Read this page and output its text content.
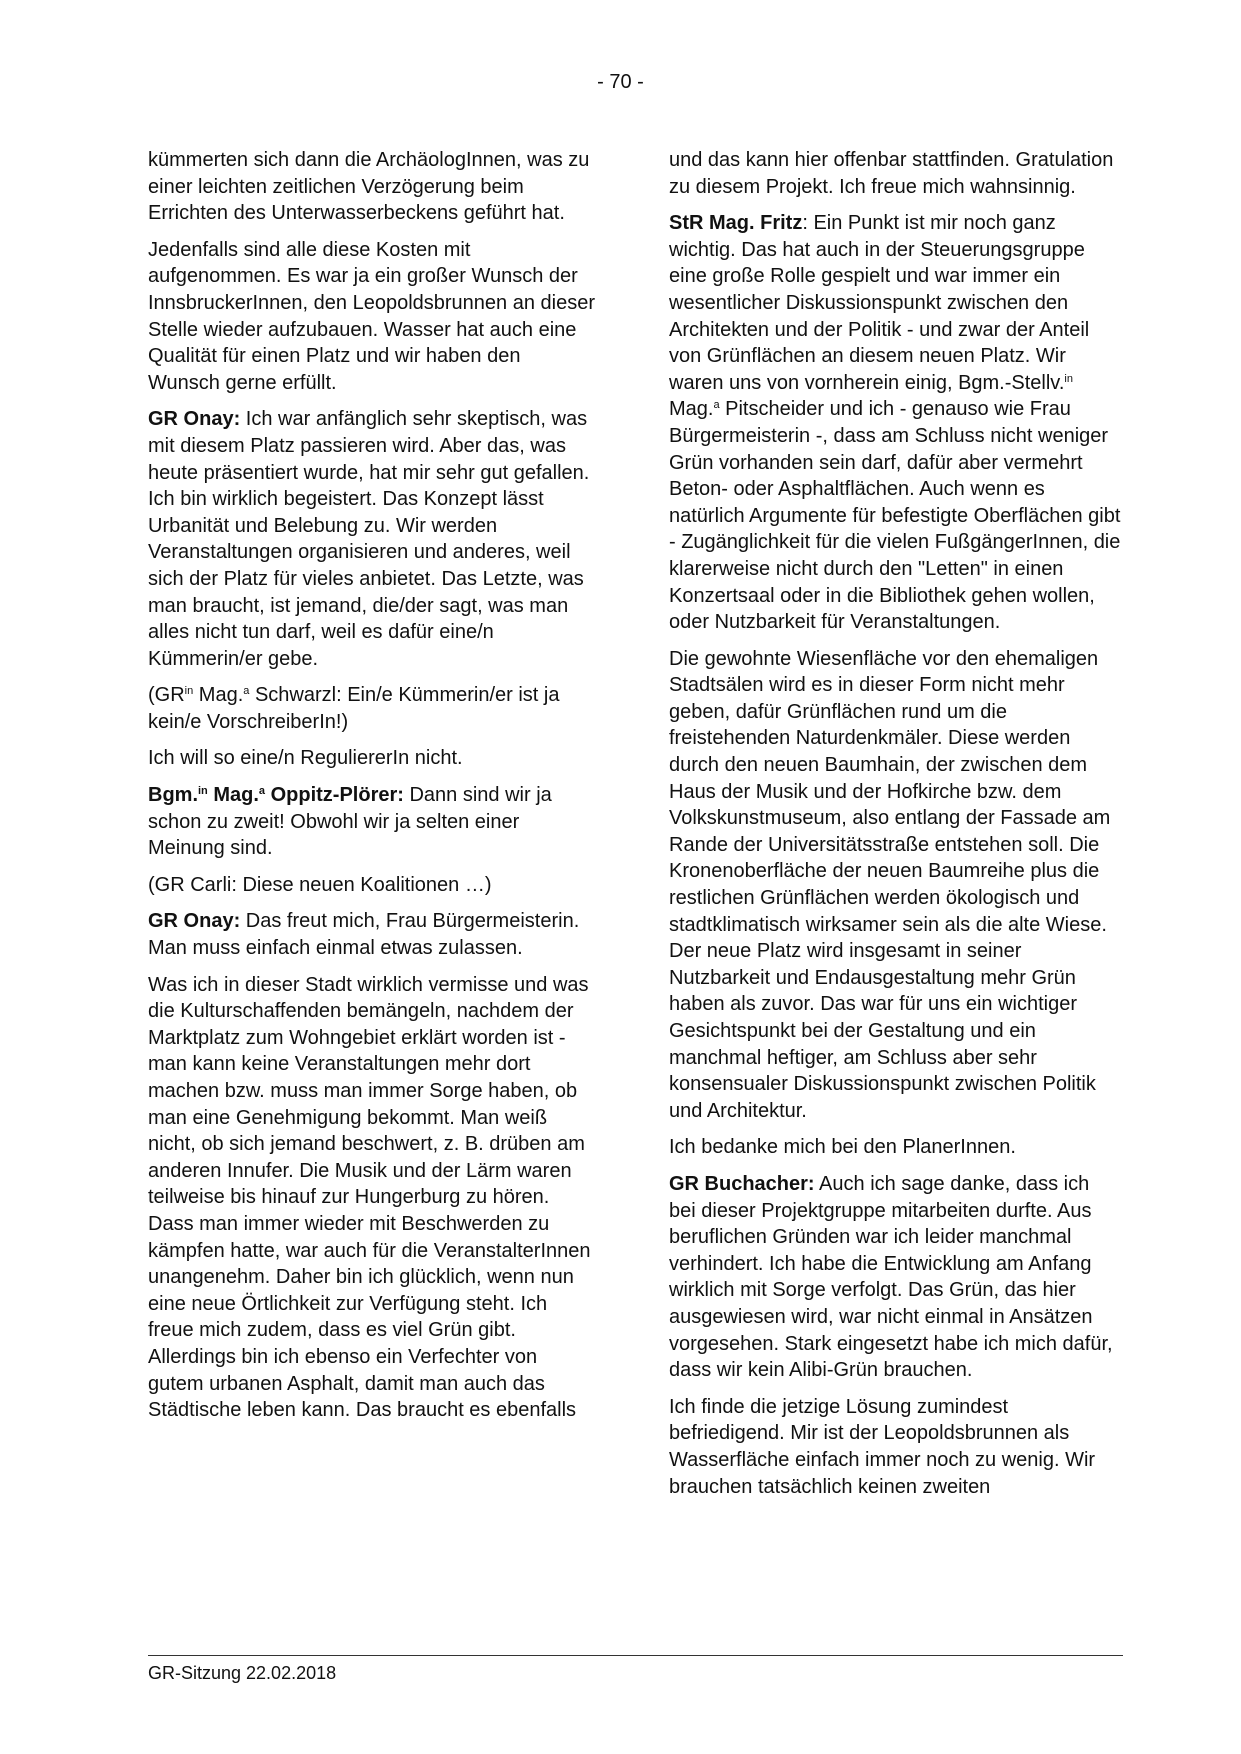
- 70 -

kümmerten sich dann die ArchäologInnen, was zu einer leichten zeitlichen Verzögerung beim Errichten des Unterwasserbeckens geführt hat.

Jedenfalls sind alle diese Kosten mit aufgenommen. Es war ja ein großer Wunsch der InnsbruckerInnen, den Leopoldsbrunnen an dieser Stelle wieder aufzubauen. Wasser hat auch eine Qualität für einen Platz und wir haben den Wunsch gerne erfüllt.

GR Onay: Ich war anfänglich sehr skeptisch, was mit diesem Platz passieren wird. Aber das, was heute präsentiert wurde, hat mir sehr gut gefallen. Ich bin wirklich begeistert. Das Konzept lässt Urbanität und Belebung zu. Wir werden Veranstaltungen organisieren und anderes, weil sich der Platz für vieles anbietet. Das Letzte, was man braucht, ist jemand, die/der sagt, was man alles nicht tun darf, weil es dafür eine/n Kümmerin/er gebe.

($GR^{in}$ Mag.$^a$ Schwarzl: Ein/e Kümmerin/er ist ja kein/e VorschreiberIn!)

Ich will so eine/n ReguliererIn nicht.

Bgm.$^{in}$ Mag.$^a$ Oppitz-Plörer: Dann sind wir ja schon zu zweit! Obwohl wir ja selten einer Meinung sind.

(GR Carli: Diese neuen Koalitionen …)

GR Onay: Das freut mich, Frau Bürgermeisterin. Man muss einfach einmal etwas zulassen.

Was ich in dieser Stadt wirklich vermisse und was die Kulturschaffenden bemängeln, nachdem der Marktplatz zum Wohngebiet erklärt worden ist - man kann keine Veranstaltungen mehr dort machen bzw. muss man immer Sorge haben, ob man eine Genehmigung bekommt. Man weiß nicht, ob sich jemand beschwert, z. B. drüben am anderen Innufer. Die Musik und der Lärm waren teilweise bis hinauf zur Hungerburg zu hören. Dass man immer wieder mit Beschwerden zu kämpfen hatte, war auch für die VeranstalterInnen unangenehm. Daher bin ich glücklich, wenn nun eine neue Örtlichkeit zur Verfügung steht. Ich freue mich zudem, dass es viel Grün gibt. Allerdings bin ich ebenso ein Verfechter von gutem urbanen Asphalt, damit man auch das Städtische leben kann. Das braucht es ebenfalls

und das kann hier offenbar stattfinden. Gratulation zu diesem Projekt. Ich freue mich wahnsinnig.

StR Mag. Fritz: Ein Punkt ist mir noch ganz wichtig. Das hat auch in der Steuerungsgruppe eine große Rolle gespielt und war immer ein wesentlicher Diskussionspunkt zwischen den Architekten und der Politik - und zwar der Anteil von Grünflächen an diesem neuen Platz. Wir waren uns von vornherein einig, Bgm.-Stellv.$^{in}$ Mag.$^a$ Pitscheider und ich - genauso wie Frau Bürgermeisterin -, dass am Schluss nicht weniger Grün vorhanden sein darf, dafür aber vermehrt Beton- oder Asphaltflächen. Auch wenn es natürlich Argumente für befestigte Oberflächen gibt - Zugänglichkeit für die vielen FußgängerInnen, die klarerweise nicht durch den "Letten" in einen Konzertsaal oder in die Bibliothek gehen wollen, oder Nutzbarkeit für Veranstaltungen.

Die gewohnte Wiesenfläche vor den ehemaligen Stadtsälen wird es in dieser Form nicht mehr geben, dafür Grünflächen rund um die freistehenden Naturdenkmäler. Diese werden durch den neuen Baumhain, der zwischen dem Haus der Musik und der Hofkirche bzw. dem Volkskunstmuseum, also entlang der Fassade am Rande der Universitätsstraße entstehen soll. Die Kronenoberfläche der neuen Baumreihe plus die restlichen Grünflächen werden ökologisch und stadtklimatisch wirksamer sein als die alte Wiese. Der neue Platz wird insgesamt in seiner Nutzbarkeit und Endausgestaltung mehr Grün haben als zuvor. Das war für uns ein wichtiger Gesichtspunkt bei der Gestaltung und ein manchmal heftiger, am Schluss aber sehr konsensualer Diskussionspunkt zwischen Politik und Architektur.

Ich bedanke mich bei den PlanerInnen.

GR Buchacher: Auch ich sage danke, dass ich bei dieser Projektgruppe mitarbeiten durfte. Aus beruflichen Gründen war ich leider manchmal verhindert. Ich habe die Entwicklung am Anfang wirklich mit Sorge verfolgt. Das Grün, das hier ausgewiesen wird, war nicht einmal in Ansätzen vorgesehen. Stark eingesetzt habe ich mich dafür, dass wir kein Alibi-Grün brauchen.

Ich finde die jetzige Lösung zumindest befriedigend. Mir ist der Leopoldsbrunnen als Wasserfläche einfach immer noch zu wenig. Wir brauchen tatsächlich keinen zweiten

GR-Sitzung 22.02.2018
